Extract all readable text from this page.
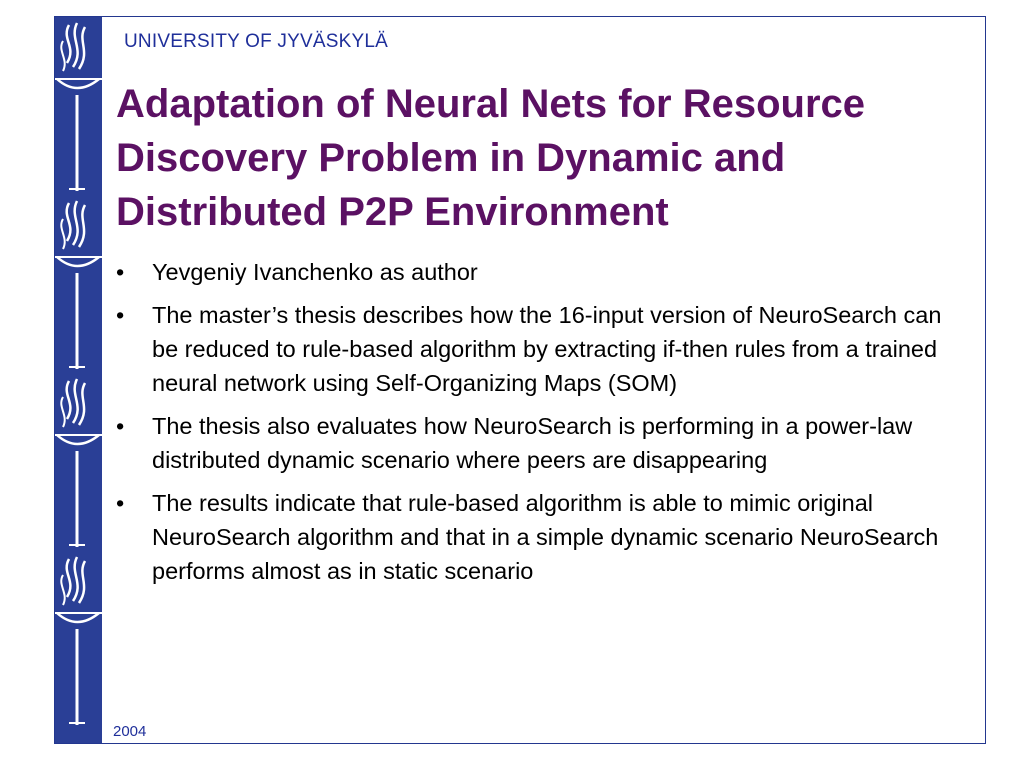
UNIVERSITY OF JYVÄSKYLÄ
Adaptation of Neural Nets for Resource Discovery Problem in Dynamic and Distributed P2P Environment
•	Yevgeniy Ivanchenko as author
•	The master’s thesis describes how the 16-input version of NeuroSearch can be reduced to rule-based algorithm by extracting if-then rules from a trained neural network using Self-Organizing Maps (SOM)
•	The thesis also evaluates how NeuroSearch is performing in a power-law distributed dynamic scenario where peers are disappearing
•	The results indicate that rule-based algorithm is able to mimic original NeuroSearch algorithm and that in a simple dynamic scenario NeuroSearch performs almost as in static scenario
2004
